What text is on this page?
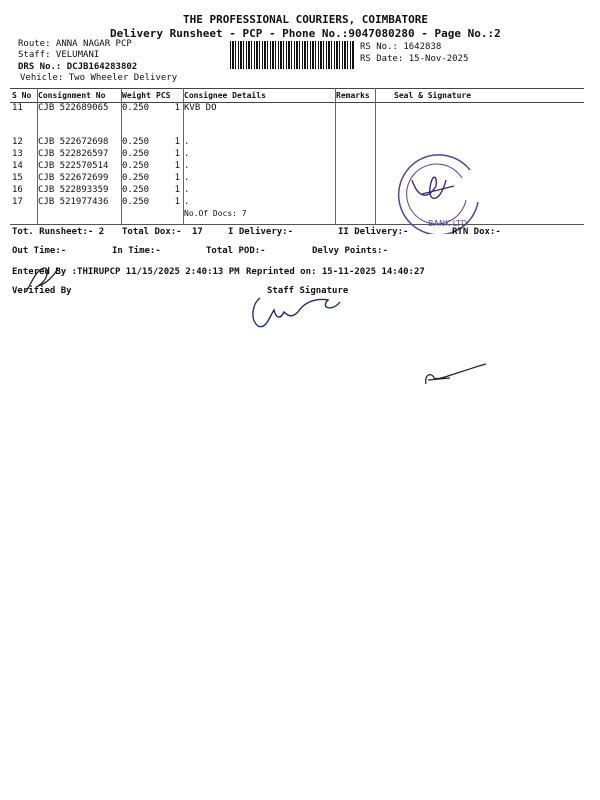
THE PROFESSIONAL COURIERS, COIMBATORE
Delivery Runsheet - PCP - Phone No.:9047080280 - Page No.:2
Route: ANNA NAGAR PCP
Staff: VELUMANI
DRS No.: DCJB164283802
Vehicle: Two Wheeler Delivery
RS No.: 1642838
RS Date: 15-Nov-2025
S No	Consignment No	Weight	PCS	Consignee Details	Remarks	Seal & Signature
11	CJB 522689065	0.250	1	KVB DO		

12	CJB 522672698	0.250	1	.		
13	CJB 522826597	0.250	1	.		
14	CJB 522570514	0.250	1	.		
15	CJB 522672699	0.250	1	.		
16	CJB 522893359	0.250	1	.		
17	CJB 521977436	0.250	1	.		
				No.Of Docs: 7		
BANK LTD
Tot. Runsheet:- 2 Total Dox:- 17	I Delivery:-	II Delivery:-	RTN Dox:-
Out Time:-	In Time:-	Total POD:-	Delvy Points:-
Entered By :THIRUPCP 11/15/2025 2:40:13 PM Reprinted on: 15-11-2025 14:40:27
Verified By	Staff Signature
